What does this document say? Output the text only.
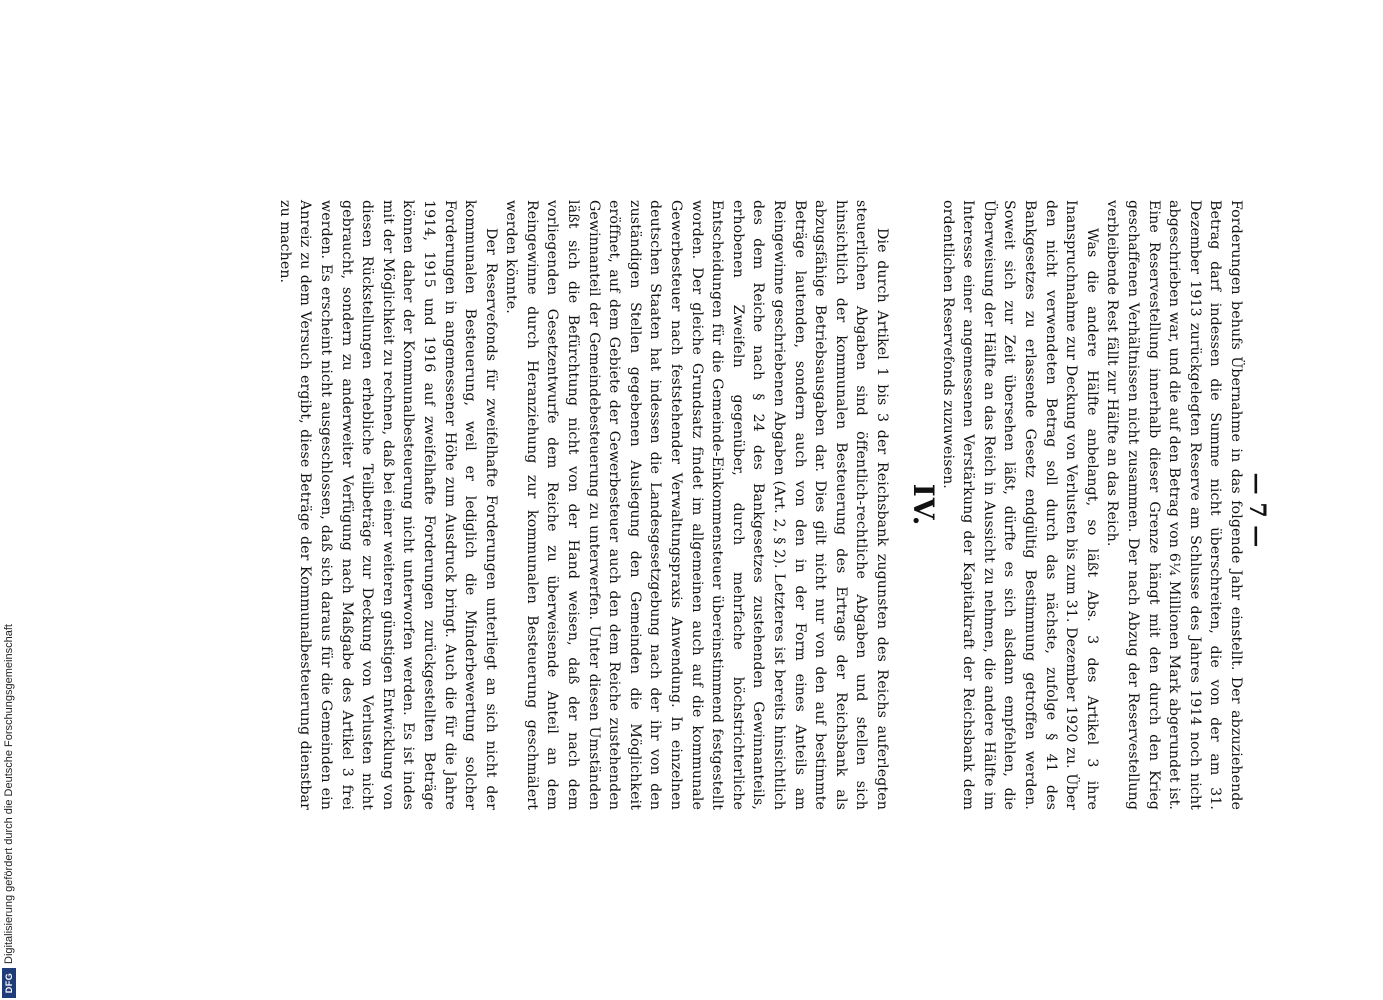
DFG
Digitalisierung gefördert durch die Deutsche Forschungsgemeinschaft
— 7 —

Forderungen behufs Übernahme in das folgende Jahr einstellt. Der abzuziehende Betrag darf indessen die Summe nicht überschreiten, die von der am 31. Dezember 1913 zurückgelegten Reserve am Schlusse des Jahres 1914 noch nicht abgeschrieben war, und die auf den Betrag von 6¼ Millionen Mark abgerundet ist. Eine Reservestellung innerhalb dieser Grenze hängt mit den durch den Krieg geschaffenen Verhältnissen nicht zusammen. Der nach Abzug der Reservestellung verbleibende Rest fällt zur Hälfte an das Reich.

Was die andere Hälfte anbelangt, so läßt Abs. 3 des Artikel 3 ihre Inanspruchnahme zur Deckung von Verlusten bis zum 31. Dezember 1920 zu. Über den nicht verwendeten Betrag soll durch das nächste, zufolge § 41 des Bankgesetzes zu erlassende Gesetz endgültig Bestimmung getroffen werden. Soweit sich zur Zeit übersehen läßt, dürfte es sich alsdann empfehlen, die Überweisung der Hälfte an das Reich in Aussicht zu nehmen, die andere Hälfte im Interesse einer angemessenen Verstärkung der Kapitalkraft der Reichsbank dem ordentlichen Reservefonds zuzuweisen.

IV.

Die durch Artikel 1 bis 3 der Reichsbank zugunsten des Reichs auferlegten steuerlichen Abgaben sind öffentlich-rechtliche Abgaben und stellen sich hinsichtlich der kommunalen Besteuerung des Ertrags der Reichsbank als abzugsfähige Betriebsausgaben dar. Dies gilt nicht nur von den auf bestimmte Beträge lautenden, sondern auch von den in der Form eines Anteils am Reingewinne geschriebenen Abgaben (Art. 2, § 2). Letzteres ist bereits hinsichtlich des dem Reiche nach § 24 des Bankgesetzes zustehenden Gewinnanteils, erhobenen Zweifeln gegenüber, durch mehrfache höchstrichterliche Entscheidungen für die Gemeinde-Einkommensteuer übereinstimmend festgestellt worden. Der gleiche Grundsatz findet im allgemeinen auch auf die kommunale Gewerbesteuer nach feststehender Verwaltungspraxis Anwendung. In einzelnen deutschen Staaten hat indessen die Landesgesetzgebung nach der ihr von den zuständigen Stellen gegebenen Auslegung den Gemeinden die Möglichkeit eröffnet, auf dem Gebiete der Gewerbesteuer auch den dem Reiche zustehenden Gewinnanteil der Gemeindebesteuerung zu unterwerfen. Unter diesen Umständen läßt sich die Befürchtung nicht von der Hand weisen, daß der nach dem vorliegenden Gesetzentwurfe dem Reiche zu überweisende Anteil an dem Reingewinne durch Heranziehung zur kommunalen Besteuerung geschmälert werden könnte.

Der Reservefonds für zweifelhafte Forderungen unterliegt an sich nicht der kommunalen Besteuerung, weil er lediglich die Minderbewertung solcher Forderungen in angemessener Höhe zum Ausdruck bringt. Auch die für die Jahre 1914, 1915 und 1916 auf zweifelhafte Forderungen zurückgestellten Beträge können daher der Kommunalbesteuerung nicht unterworfen werden. Es ist indes mit der Möglichkeit zu rechnen, daß bei einer weiteren günstigen Entwicklung von diesen Rückstellungen erhebliche Teilbeträge zur Deckung von Verlusten nicht gebraucht, sondern zu anderweiter Verfügung nach Maßgabe des Artikel 3 frei werden. Es erscheint nicht ausgeschlossen, daß sich daraus für die Gemeinden ein Anreiz zu dem Versuch ergibt, diese Beträge der Kommunalbesteuerung dienstbar zu machen.
